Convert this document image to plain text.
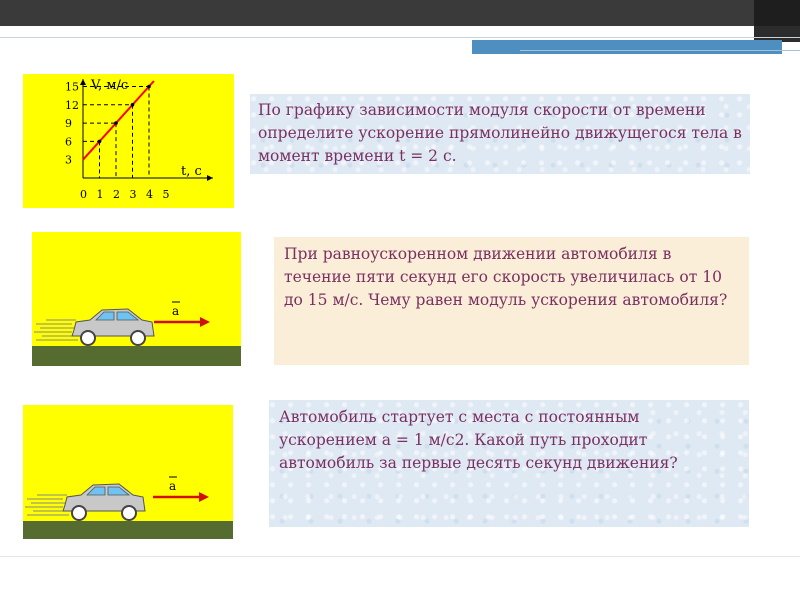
3
6
9
12
15
0 1 2 3 4 5
V, м/с
t, с
По графику зависимости модуля скорости от времени определите ускорение прямолинейно движущегося тела в момент времени t = 2 с.
a
При равноускоренном движении автомобиля в течение пяти секунд его скорость увеличилась от 10 до 15 м/с. Чему равен модуль ускорения автомобиля?
a
Автомобиль стартует с места с постоянным ускорением a = 1 м/с2. Какой путь проходит автомобиль за первые десять секунд движения?
